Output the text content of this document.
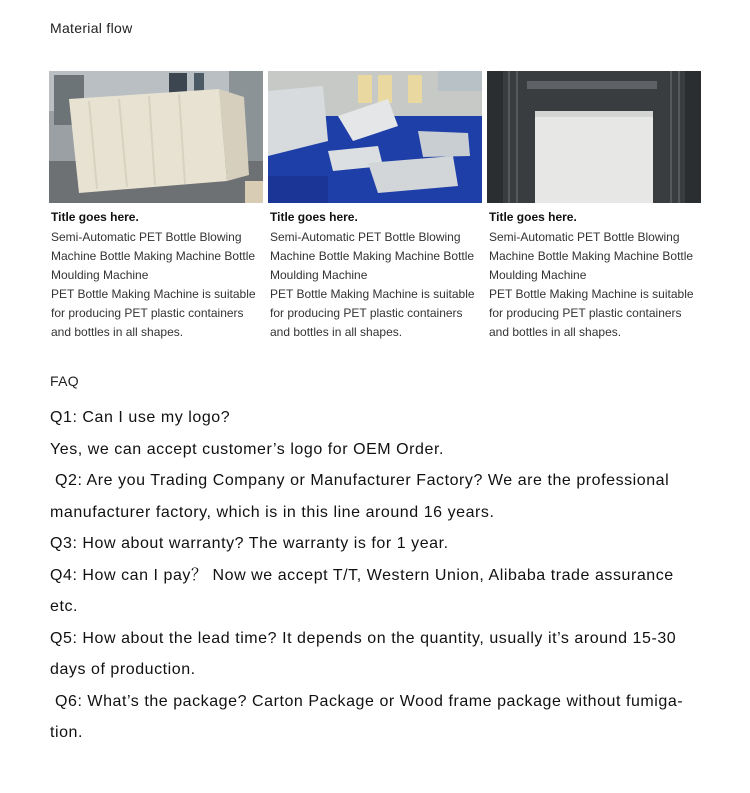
Material flow
Title goes here.
Semi-Automatic PET Bottle Blowing Machine Bottle Making Machine Bottle Moulding Machine
PET Bottle Making Machine is suitable for producing PET plastic containers and bottles in all shapes.
Title goes here.
Semi-Automatic PET Bottle Blowing Machine Bottle Making Machine Bottle Moulding Machine
PET Bottle Making Machine is suitable for producing PET plastic containers and bottles in all shapes.
Title goes here.
Semi-Automatic PET Bottle Blowing Machine Bottle Making Machine Bottle Moulding Machine
PET Bottle Making Machine is suitable for producing PET plastic containers and bottles in all shapes.
FAQ

Q1: Can I use my logo?

Yes, we can accept customer’s logo for OEM Order.

Q2: Are you Trading Company or Manufacturer Factory? We are the professional manufacturer factory, which is in this line around 16 years.

Q3: How about warranty? The warranty is for 1 year.

Q4: How can I pay？ Now we accept T/T, Western Union, Alibaba trade assurance etc.

Q5: How about the lead time? It depends on the quantity, usually it’s around 15-30 days of production.

Q6: What’s the package? Carton Package or Wood frame package without fumiga-tion.
